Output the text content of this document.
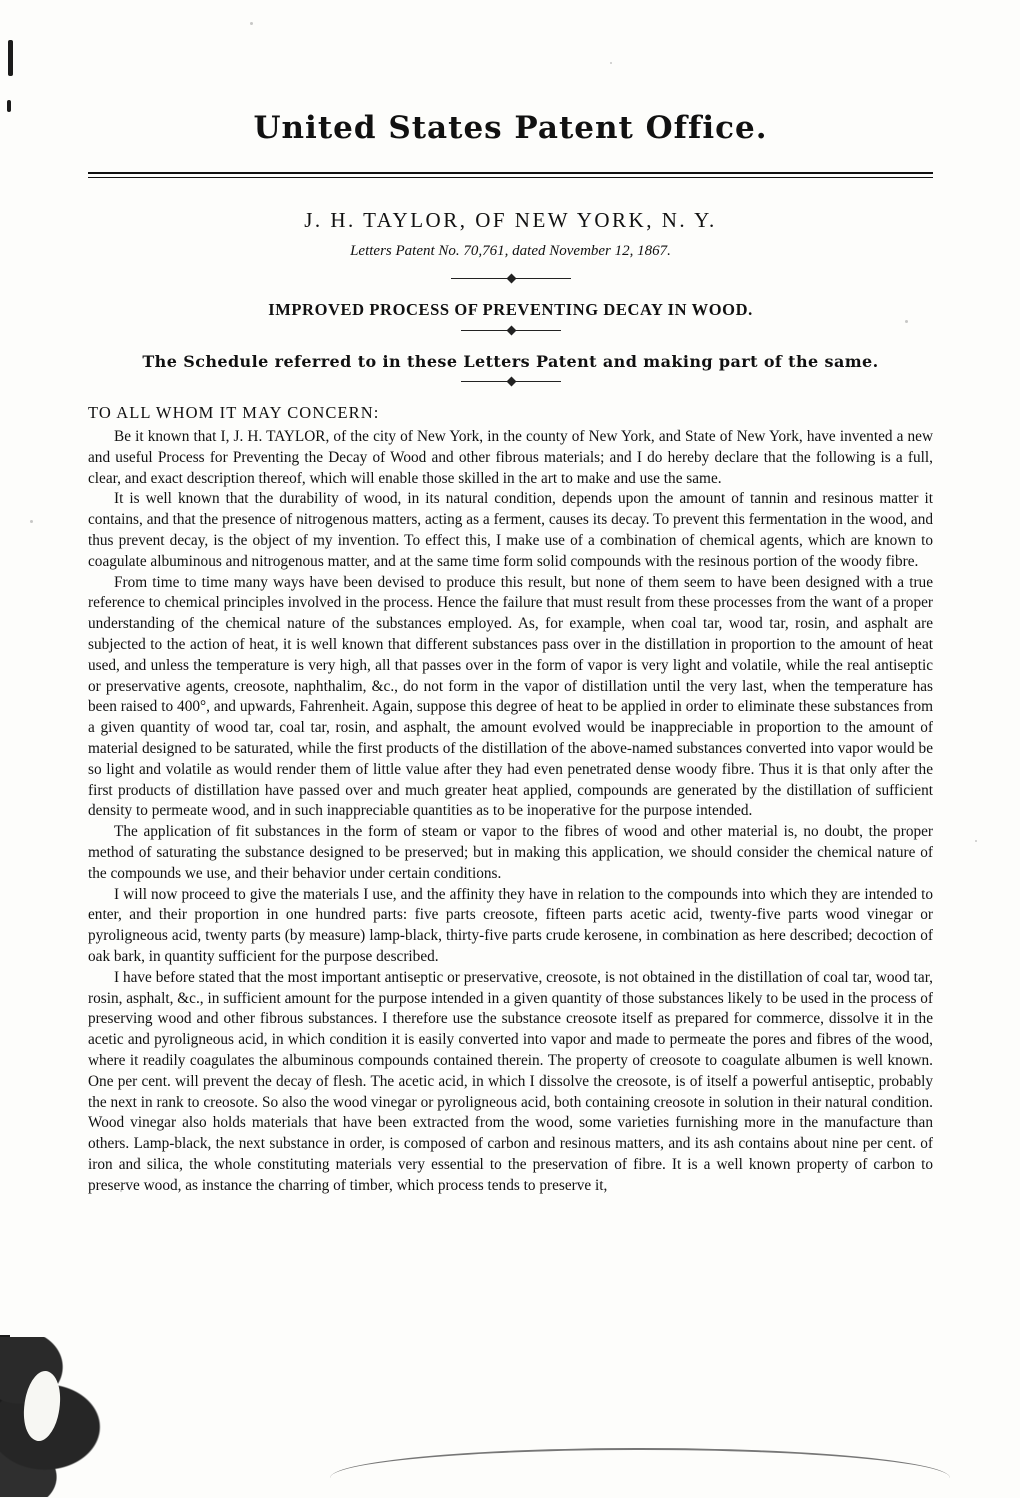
United States Patent Office.
J. H. TAYLOR, OF NEW YORK, N. Y.
Letters Patent No. 70,761, dated November 12, 1867.
IMPROVED PROCESS OF PREVENTING DECAY IN WOOD.
The Schedule referred to in these Letters Patent and making part of the same.
TO ALL WHOM IT MAY CONCERN:

Be it known that I, J. H. TAYLOR, of the city of New York, in the county of New York, and State of New York, have invented a new and useful Process for Preventing the Decay of Wood and other fibrous materials; and I do hereby declare that the following is a full, clear, and exact description thereof, which will enable those skilled in the art to make and use the same.

It is well known that the durability of wood, in its natural condition, depends upon the amount of tannin and resinous matter it contains, and that the presence of nitrogenous matters, acting as a ferment, causes its decay. To prevent this fermentation in the wood, and thus prevent decay, is the object of my invention. To effect this, I make use of a combination of chemical agents, which are known to coagulate albuminous and nitrogenous matter, and at the same time form solid compounds with the resinous portion of the woody fibre.

From time to time many ways have been devised to produce this result, but none of them seem to have been designed with a true reference to chemical principles involved in the process. Hence the failure that must result from these processes from the want of a proper understanding of the chemical nature of the substances employed. As, for example, when coal tar, wood tar, rosin, and asphalt are subjected to the action of heat, it is well known that different substances pass over in the distillation in proportion to the amount of heat used, and unless the temperature is very high, all that passes over in the form of vapor is very light and volatile, while the real antiseptic or preservative agents, creosote, naphthalim, &c., do not form in the vapor of distillation until the very last, when the temperature has been raised to 400°, and upwards, Fahrenheit. Again, suppose this degree of heat to be applied in order to eliminate these substances from a given quantity of wood tar, coal tar, rosin, and asphalt, the amount evolved would be inappreciable in proportion to the amount of material designed to be saturated, while the first products of the distillation of the above-named substances converted into vapor would be so light and volatile as would render them of little value after they had even penetrated dense woody fibre. Thus it is that only after the first products of distillation have passed over and much greater heat applied, compounds are generated by the distillation of sufficient density to permeate wood, and in such inappreciable quantities as to be inoperative for the purpose intended.

The application of fit substances in the form of steam or vapor to the fibres of wood and other material is, no doubt, the proper method of saturating the substance designed to be preserved; but in making this application, we should consider the chemical nature of the compounds we use, and their behavior under certain conditions.

I will now proceed to give the materials I use, and the affinity they have in relation to the compounds into which they are intended to enter, and their proportion in one hundred parts: five parts creosote, fifteen parts acetic acid, twenty-five parts wood vinegar or pyroligneous acid, twenty parts (by measure) lamp-black, thirty-five parts crude kerosene, in combination as here described; decoction of oak bark, in quantity sufficient for the purpose described.

I have before stated that the most important antiseptic or preservative, creosote, is not obtained in the distillation of coal tar, wood tar, rosin, asphalt, &c., in sufficient amount for the purpose intended in a given quantity of those substances likely to be used in the process of preserving wood and other fibrous substances. I therefore use the substance creosote itself as prepared for commerce, dissolve it in the acetic and pyroligneous acid, in which condition it is easily converted into vapor and made to permeate the pores and fibres of the wood, where it readily coagulates the albuminous compounds contained therein. The property of creosote to coagulate albumen is well known. One per cent. will prevent the decay of flesh. The acetic acid, in which I dissolve the creosote, is of itself a powerful antiseptic, probably the next in rank to creosote. So also the wood vinegar or pyroligneous acid, both containing creosote in solution in their natural condition. Wood vinegar also holds materials that have been extracted from the wood, some varieties furnishing more in the manufacture than others. Lamp-black, the next substance in order, is composed of carbon and resinous matters, and its ash contains about nine per cent. of iron and silica, the whole constituting materials very essential to the preservation of fibre. It is a well known property of carbon to preserve wood, as instance the charring of timber, which process tends to preserve it,
